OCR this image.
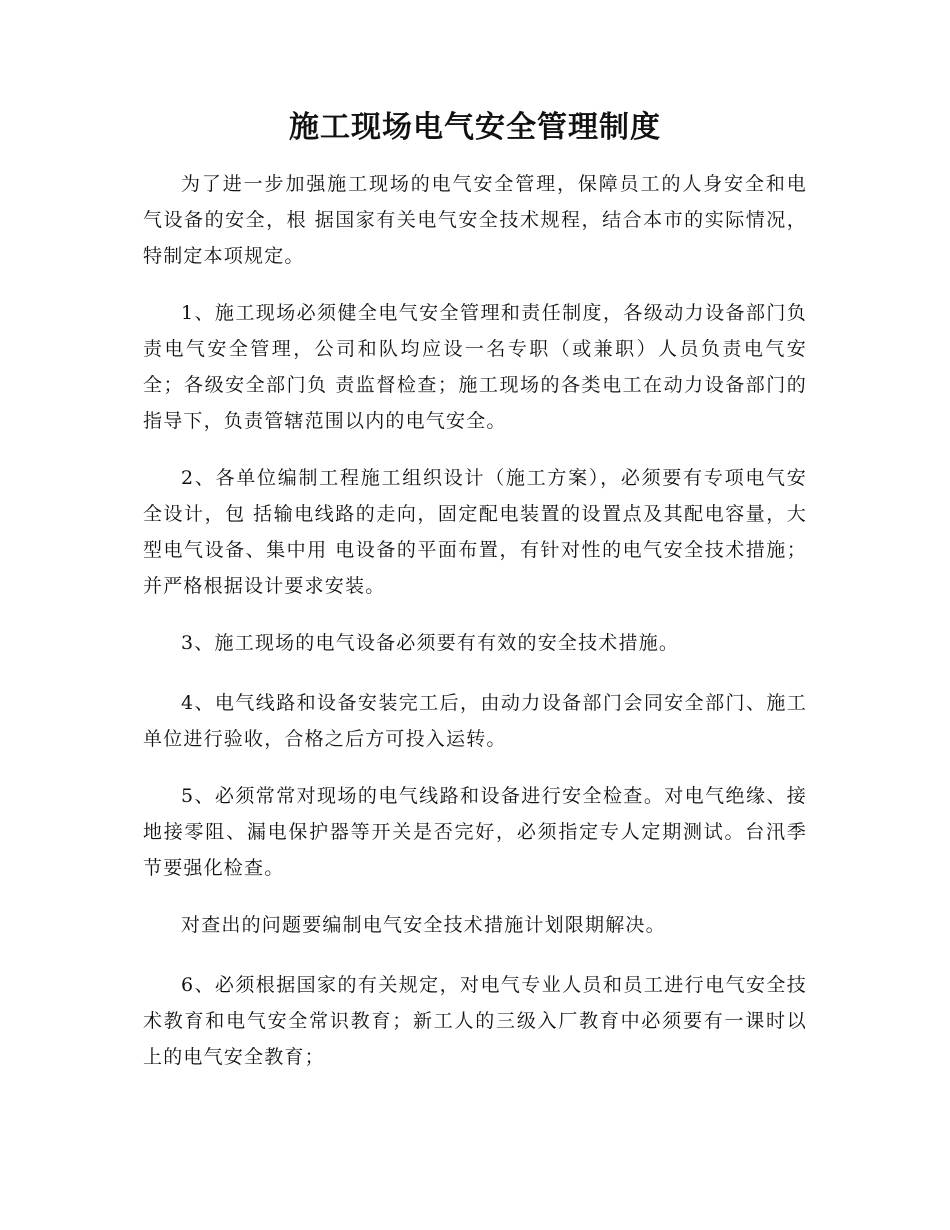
施工现场电气安全管理制度

为了进一步加强施工现场的电气安全管理，保障员工的人身安全和电气设备的安全，根 据国家有关电气安全技术规程，结合本市的实际情况，特制定本项规定。

1、施工现场必须健全电气安全管理和责任制度，各级动力设备部门负责电气安全管理，公司和队均应设一名专职（或兼职）人员负责电气安全；各级安全部门负 责监督检查；施工现场的各类电工在动力设备部门的指导下，负责管辖范围以内的电气安全。

2、各单位编制工程施工组织设计（施工方案），必须要有专项电气安全设计，包 括输电线路的走向，固定配电装置的设置点及其配电容量，大型电气设备、集中用 电设备的平面布置，有针对性的电气安全技术措施；并严格根据设计要求安装。

3、施工现场的电气设备必须要有有效的安全技术措施。

4、电气线路和设备安装完工后，由动力设备部门会同安全部门、施工单位进行验收，合格之后方可投入运转。

5、必须常常对现场的电气线路和设备进行安全检查。对电气绝缘、接地接零阻、漏电保护器等开关是否完好，必须指定专人定期测试。台汛季节要强化检查。

对查出的问题要编制电气安全技术措施计划限期解决。

6、必须根据国家的有关规定，对电气专业人员和员工进行电气安全技术教育和电气安全常识教育；新工人的三级入厂教育中必须要有一课时以上的电气安全教育；
